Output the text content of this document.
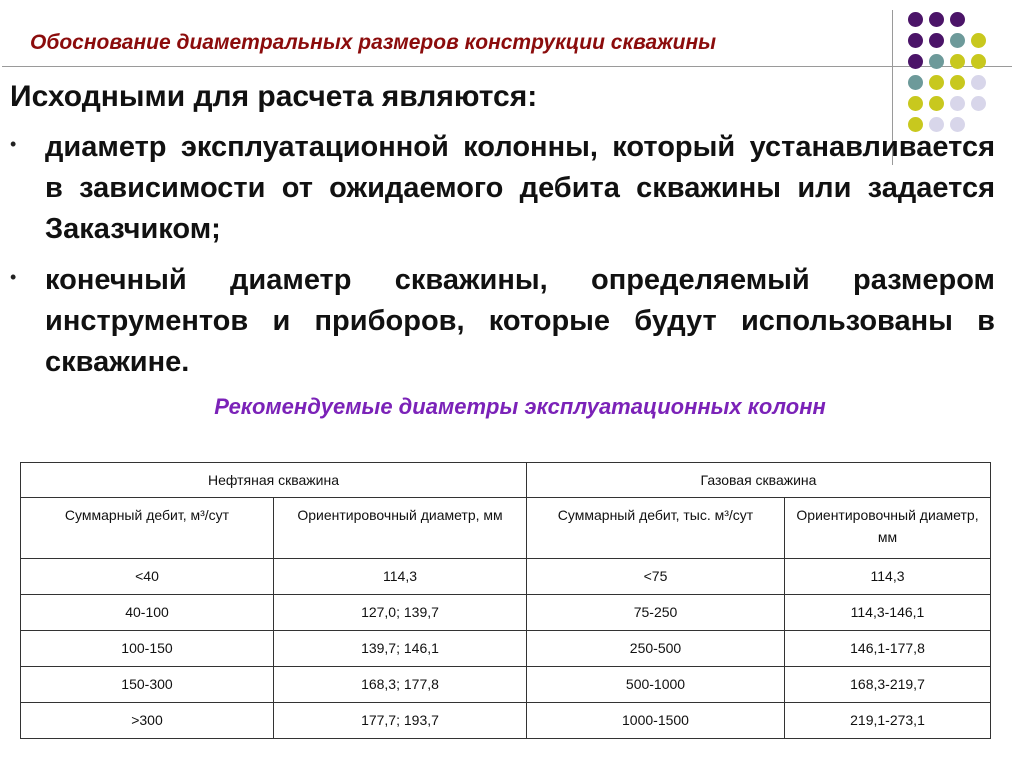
Обоснование диаметральных размеров конструкции скважины
Исходными для расчета являются:
• диаметр эксплуатационной колонны, который устанавливается в зависимости от ожидаемого дебита скважины или задается Заказчиком;
• конечный диаметр скважины, определяемый размером инструментов и приборов, которые будут использованы в скважине.
Рекомендуемые диаметры эксплуатационных колонн
Нефтяная скважина		Газовая скважина	
Суммарный дебит, м³/сут	Ориентировочный диаметр, мм	Суммарный дебит, тыс. м³/сут	Ориентировочный диаметр, мм
<40	114,3	<75	114,3
40-100	127,0; 139,7	75-250	114,3-146,1
100-150	139,7; 146,1	250-500	146,1-177,8
150-300	168,3; 177,8	500-1000	168,3-219,7
>300	177,7; 193,7	1000-1500	219,1-273,1
